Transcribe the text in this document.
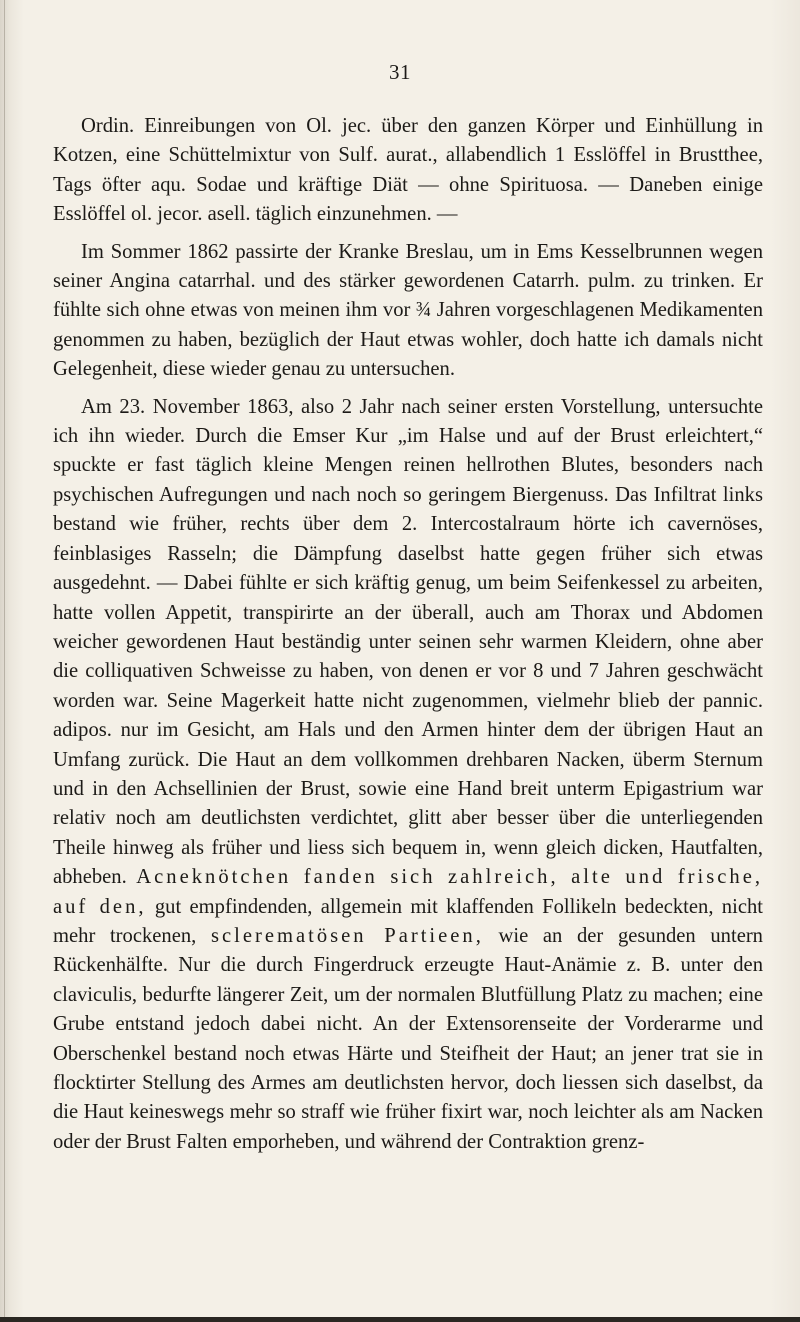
31

Ordin. Einreibungen von Ol. jec. über den ganzen Körper und Einhüllung in Kotzen, eine Schüttelmixtur von Sulf. aurat., allabendlich 1 Esslöffel in Brustthee, Tags öfter aqu. Sodae und kräftige Diät — ohne Spirituosa. — Daneben einige Esslöffel ol. jecor. asell. täglich einzunehmen. —

Im Sommer 1862 passirte der Kranke Breslau, um in Ems Kesselbrunnen wegen seiner Angina catarrhal. und des stärker gewordenen Catarrh. pulm. zu trinken. Er fühlte sich ohne etwas von meinen ihm vor ¾ Jahren vorgeschlagenen Medikamenten genommen zu haben, bezüglich der Haut etwas wohler, doch hatte ich damals nicht Gelegenheit, diese wieder genau zu untersuchen.

Am 23. November 1863, also 2 Jahr nach seiner ersten Vorstellung, untersuchte ich ihn wieder. Durch die Emser Kur „im Halse und auf der Brust erleichtert,“ spuckte er fast täglich kleine Mengen reinen hellrothen Blutes, besonders nach psychischen Aufregungen und nach noch so geringem Biergenuss. Das Infiltrat links bestand wie früher, rechts über dem 2. Intercostalraum hörte ich cavernöses, feinblasiges Rasseln; die Dämpfung daselbst hatte gegen früher sich etwas ausgedehnt. — Dabei fühlte er sich kräftig genug, um beim Seifenkessel zu arbeiten, hatte vollen Appetit, transpirirte an der überall, auch am Thorax und Abdomen weicher gewordenen Haut beständig unter seinen sehr warmen Kleidern, ohne aber die colliquativen Schweisse zu haben, von denen er vor 8 und 7 Jahren geschwächt worden war. Seine Magerkeit hatte nicht zugenommen, vielmehr blieb der pannic. adipos. nur im Gesicht, am Hals und den Armen hinter dem der übrigen Haut an Umfang zurück. Die Haut an dem vollkommen drehbaren Nacken, überm Sternum und in den Achsellinien der Brust, sowie eine Hand breit unterm Epigastrium war relativ noch am deutlichsten verdichtet, glitt aber besser über die unterliegenden Theile hinweg als früher und liess sich bequem in, wenn gleich dicken, Hautfalten, abheben. Acneknötchen fanden sich zahlreich, alte und frische, auf den, gut empfindenden, allgemein mit klaffenden Follikeln bedeckten, nicht mehr trockenen, sclerematösen Partieen, wie an der gesunden untern Rückenhälfte. Nur die durch Fingerdruck erzeugte Haut-Anämie z. B. unter den claviculis, bedurfte längerer Zeit, um der normalen Blutfüllung Platz zu machen; eine Grube entstand jedoch dabei nicht. An der Extensorenseite der Vorderarme und Oberschenkel bestand noch etwas Härte und Steifheit der Haut; an jener trat sie in flocktirter Stellung des Armes am deutlichsten hervor, doch liessen sich daselbst, da die Haut keineswegs mehr so straff wie früher fixirt war, noch leichter als am Nacken oder der Brust Falten emporheben, und während der Contraktion grenz-
